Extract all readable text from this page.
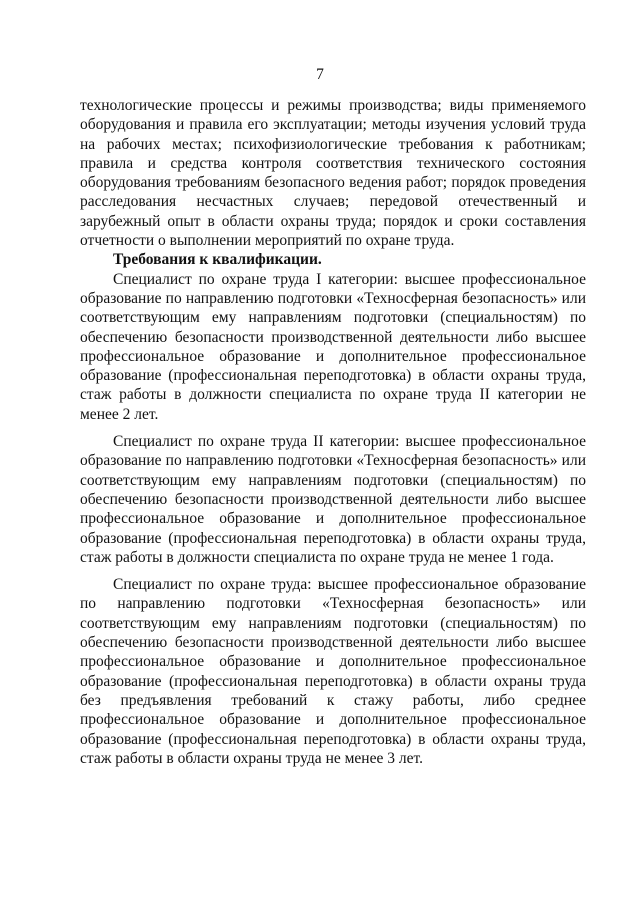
7

технологические процессы и режимы производства; виды применяемого оборудования и правила его эксплуатации; методы изучения условий труда на рабочих местах; психофизиологические требования к работникам; правила и средства контроля соответствия технического состояния оборудования требованиям безопасного ведения работ; порядок проведения расследования несчастных случаев; передовой отечественный и зарубежный опыт в области охраны труда; порядок и сроки составления отчетности о выполнении мероприятий по охране труда.

Требования к квалификации.

Специалист по охране труда I категории: высшее профессиональное образование по направлению подготовки «Техносферная безопасность» или соответствующим ему направлениям подготовки (специальностям) по обеспечению безопасности производственной деятельности либо высшее профессиональное образование и дополнительное профессиональное образование (профессиональная переподготовка) в области охраны труда, стаж работы в должности специалиста по охране труда II категории не менее 2 лет.

Специалист по охране труда II категории: высшее профессиональное образование по направлению подготовки «Техносферная безопасность» или соответствующим ему направлениям подготовки (специальностям) по обеспечению безопасности производственной деятельности либо высшее профессиональное образование и дополнительное профессиональное образование (профессиональная переподготовка) в области охраны труда, стаж работы в должности специалиста по охране труда не менее 1 года.

Специалист по охране труда: высшее профессиональное образование по направлению подготовки «Техносферная безопасность» или соответствующим ему направлениям подготовки (специальностям) по обеспечению безопасности производственной деятельности либо высшее профессиональное образование и дополнительное профессиональное образование (профессиональная переподготовка) в области охраны труда без предъявления требований к стажу работы, либо среднее профессиональное образование и дополнительное профессиональное образование (профессиональная переподготовка) в области охраны труда, стаж работы в области охраны труда не менее 3 лет.
